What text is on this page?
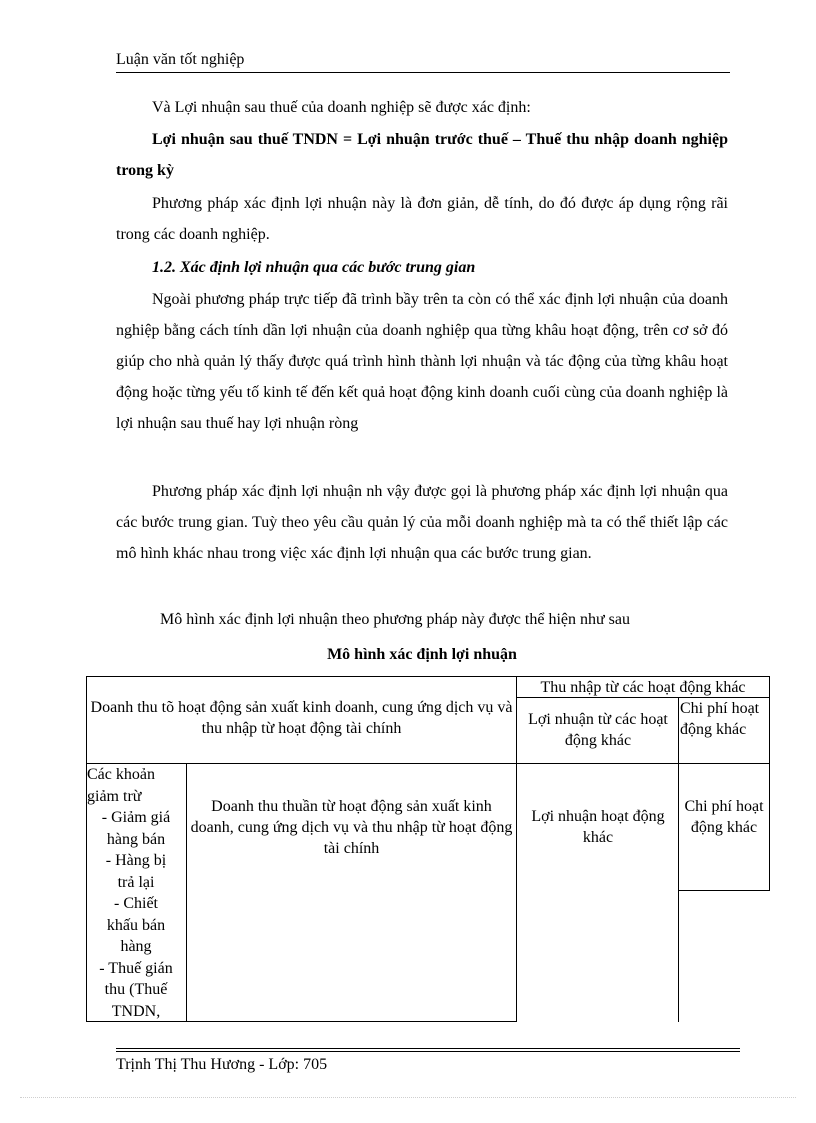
Luận văn tốt nghiệp

Và Lợi nhuận sau thuế của doanh nghiệp sẽ được xác định:

Lợi nhuận sau thuế TNDN = Lợi nhuận trước thuế – Thuế thu nhập doanh nghiệp trong kỳ

Phương pháp xác định lợi nhuận này là đơn giản, dễ tính, do đó được áp dụng rộng rãi trong các doanh nghiệp.

1.2. Xác định lợi nhuận qua các bước trung gian

Ngoài phương pháp trực tiếp đã trình bầy trên ta còn có thể xác định lợi nhuận của doanh nghiệp bằng cách tính dần lợi nhuận của doanh nghiệp qua từng khâu hoạt động, trên cơ sở đó giúp cho nhà quản lý thấy được quá trình hình thành lợi nhuận và tác động của từng khâu hoạt động hoặc từng yếu tố kinh tế đến kết quả hoạt động kinh doanh cuối cùng của doanh nghiệp là lợi nhuận sau thuế hay lợi nhuận ròng

Phương pháp xác định lợi nhuận nh vậy được gọi là phương pháp xác định lợi nhuận qua các bước trung gian. Tuỳ theo yêu cầu quản lý của mỗi doanh nghiệp mà ta có thể thiết lập các mô hình khác nhau trong việc xác định lợi nhuận qua các bước trung gian.

Mô hình xác định lợi nhuận theo phương pháp này được thể hiện như sau

Mô hình xác định lợi nhuận
Doanh thu tõ hoạt động sản xuất kinh doanh, cung ứng dịch vụ và thu nhập từ hoạt động tài chính
Thu nhập từ các hoạt động khác
Lợi nhuận từ các hoạt động khác
Chi phí hoạt động khác
Các khoản
giảm trừ
- Giảm giá
hàng bán
- Hàng bị
trả lại
- Chiết
khấu bán
hàng
- Thuế gián
thu (Thuế
TNDN,
Doanh thu thuần từ hoạt động sản xuất kinh doanh, cung ứng dịch vụ và thu nhập từ hoạt động tài chính
Lợi nhuận hoạt động khác
Chi phí hoạt động khác
Trịnh Thị Thu Hương - Lớp: 705
